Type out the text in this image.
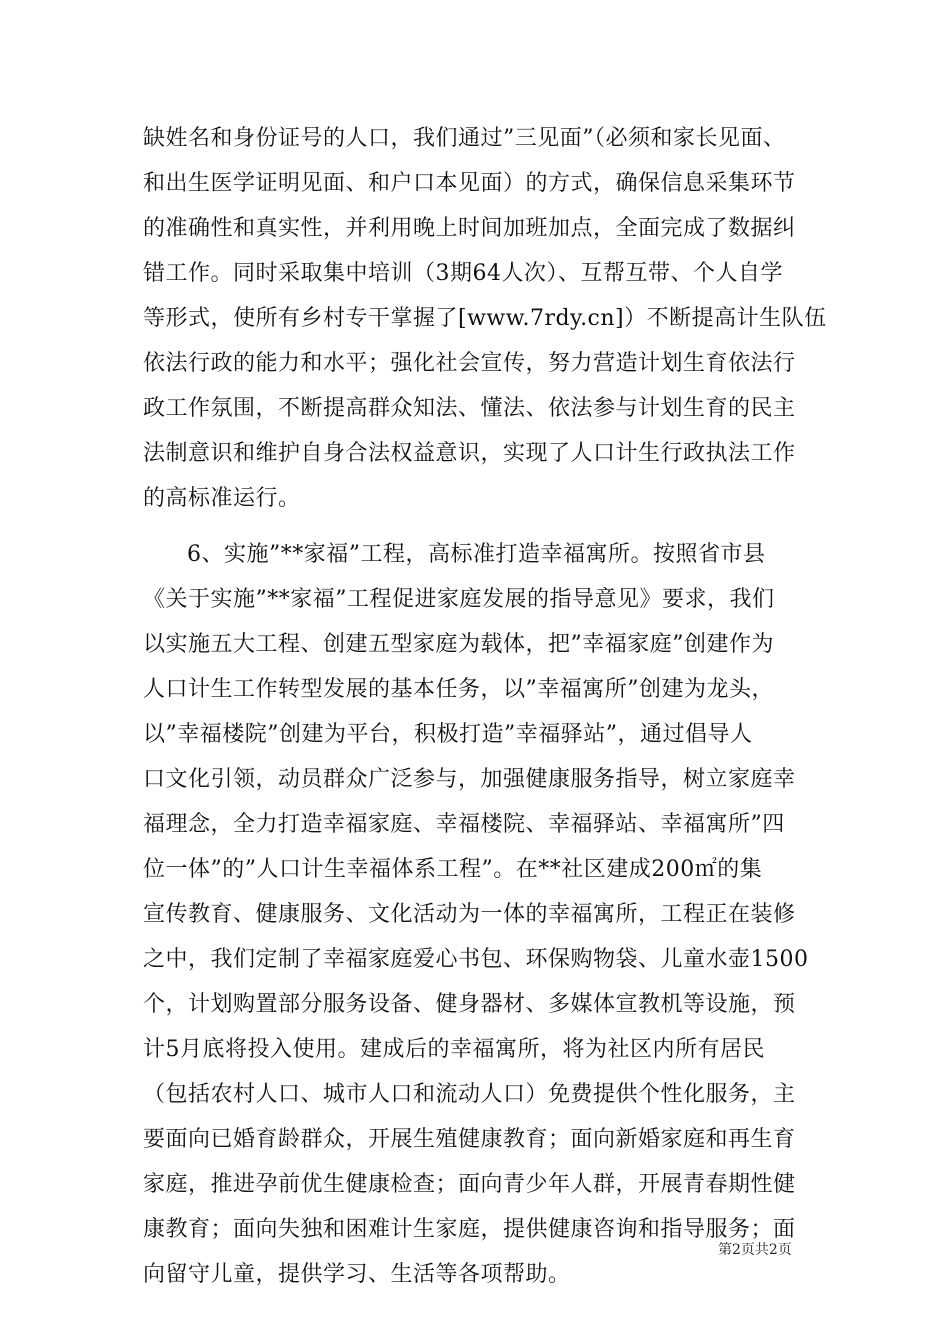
缺姓名和身份证号的人口，我们通过”三见面”（必须和家长见面、
和出生医学证明见面、和户口本见面）的方式，确保信息采集环节
的准确性和真实性，并利用晚上时间加班加点，全面完成了数据纠
错工作。同时采取集中培训（3期64人次）、互帮互带、个人自学
等形式，使所有乡村专干掌握了[www.7rdy.cn]）不断提高计生队伍
依法行政的能力和水平；强化社会宣传，努力营造计划生育依法行
政工作氛围，不断提高群众知法、懂法、依法参与计划生育的民主
法制意识和维护自身合法权益意识，实现了人口计生行政执法工作
的高标准运行。
6、实施”**家福”工程，高标准打造幸福寓所。按照省市县
《关于实施”**家福”工程促进家庭发展的指导意见》要求，我们
以实施五大工程、创建五型家庭为载体，把”幸福家庭”创建作为
人口计生工作转型发展的基本任务，以”幸福寓所”创建为龙头，
以”幸福楼院”创建为平台，积极打造”幸福驿站”，通过倡导人
口文化引领，动员群众广泛参与，加强健康服务指导，树立家庭幸
福理念，全力打造幸福家庭、幸福楼院、幸福驿站、幸福寓所”四
位一体”的”人口计生幸福体系工程”。在**社区建成200㎡的集
宣传教育、健康服务、文化活动为一体的幸福寓所，工程正在装修
之中，我们定制了幸福家庭爱心书包、环保购物袋、儿童水壶1500
个，计划购置部分服务设备、健身器材、多媒体宣教机等设施，预
计5月底将投入使用。建成后的幸福寓所，将为社区内所有居民
（包括农村人口、城市人口和流动人口）免费提供个性化服务，主
要面向已婚育龄群众，开展生殖健康教育；面向新婚家庭和再生育
家庭，推进孕前优生健康检查；面向青少年人群，开展青春期性健
康教育；面向失独和困难计生家庭，提供健康咨询和指导服务；面
向留守儿童，提供学习、生活等各项帮助。
第2页共2页
